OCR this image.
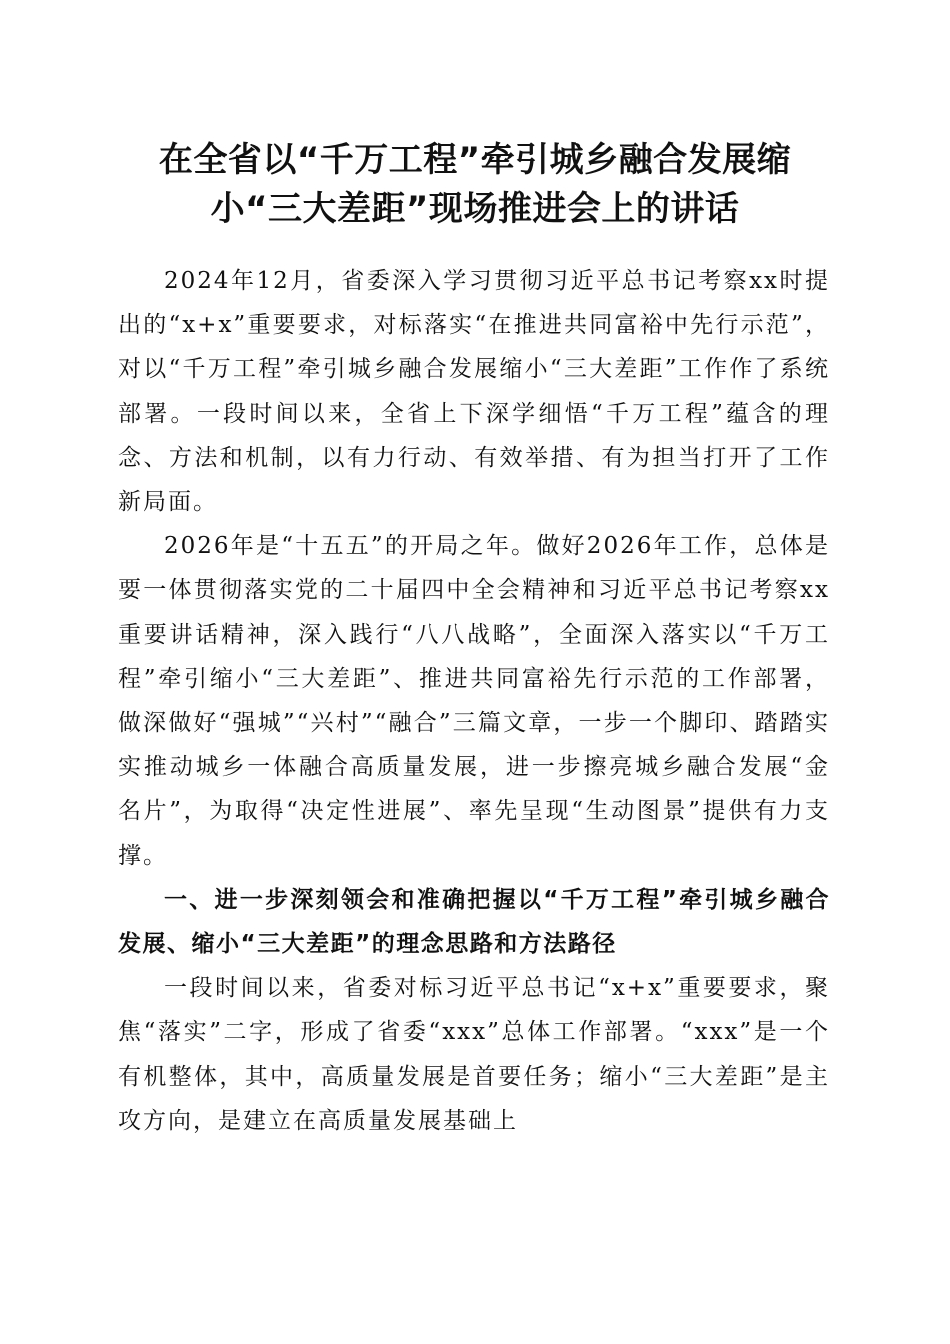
在全省以“千万工程”牵引城乡融合发展缩
小“三大差距”现场推进会上的讲话

2024年12月，省委深入学习贯彻习近平总书记考察xx时提出的“x+x”重要要求，对标落实“在推进共同富裕中先行示范”，对以“千万工程”牵引城乡融合发展缩小“三大差距”工作作了系统部署。一段时间以来，全省上下深学细悟“千万工程”蕴含的理念、方法和机制，以有力行动、有效举措、有为担当打开了工作新局面。

2026年是“十五五”的开局之年。做好2026年工作，总体是要一体贯彻落实党的二十届四中全会精神和习近平总书记考察xx重要讲话精神，深入践行“八八战略”，全面深入落实以“千万工程”牵引缩小“三大差距”、推进共同富裕先行示范的工作部署，做深做好“强城”“兴村”“融合”三篇文章，一步一个脚印、踏踏实实推动城乡一体融合高质量发展，进一步擦亮城乡融合发展“金名片”，为取得“决定性进展”、率先呈现“生动图景”提供有力支撑。

一、进一步深刻领会和准确把握以“千万工程”牵引城乡融合发展、缩小“三大差距”的理念思路和方法路径

一段时间以来，省委对标习近平总书记“x+x”重要要求，聚焦“落实”二字，形成了省委“xxx”总体工作部署。“xxx”是一个有机整体，其中，高质量发展是首要任务；缩小“三大差距”是主攻方向，是建立在高质量发展基础上
